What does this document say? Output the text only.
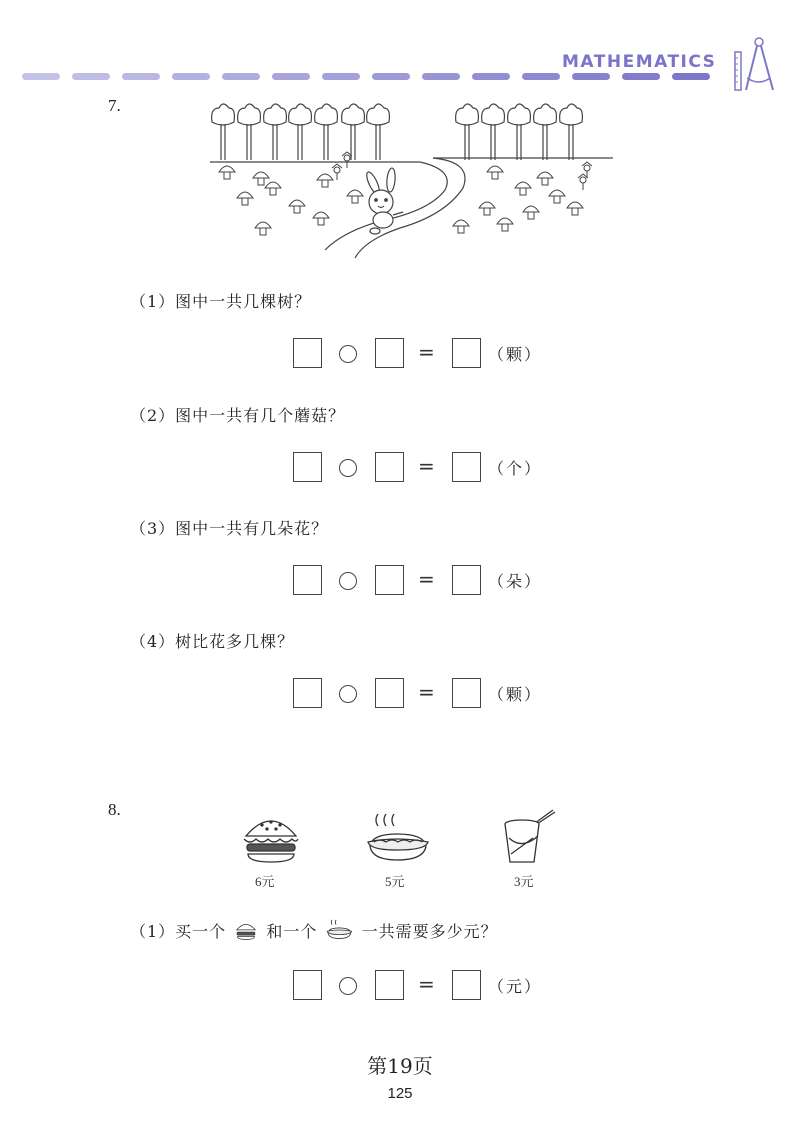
MATHEMATICS
7.
（1）图中一共几棵树？
=	（颗）
（2）图中一共有几个蘑菇？
=	（个）
（3）图中一共有几朵花？
=	（朵）
（4）树比花多几棵？
=	（颗）
8.
6元	5元	3元
（1）买一个	和一个	一共需要多少元？
=	（元）
第19页
125
